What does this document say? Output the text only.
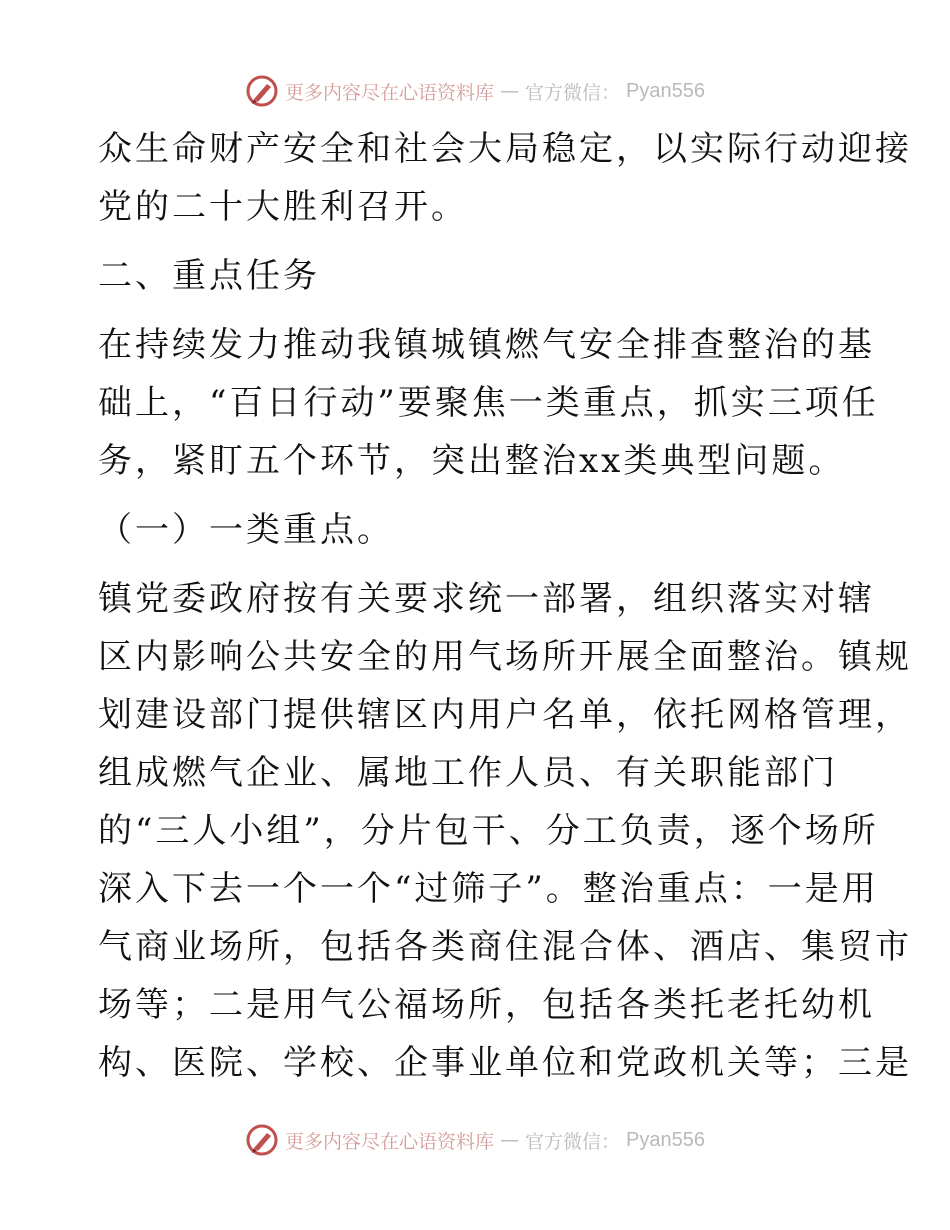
更多内容尽在心语资料库 — 官方微信： Pyan556
众生命财产安全和社会大局稳定，以实际行动迎接
党的二十大胜利召开。
二、重点任务
在持续发力推动我镇城镇燃气安全排查整治的基
础上，“百日行动”要聚焦一类重点，抓实三项任
务，紧盯五个环节，突出整治xx类典型问题。
（一）一类重点。
镇党委政府按有关要求统一部署，组织落实对辖
区内影响公共安全的用气场所开展全面整治。镇规
划建设部门提供辖区内用户名单，依托网格管理，
组成燃气企业、属地工作人员、有关职能部门
的“三人小组”，分片包干、分工负责，逐个场所
深入下去一个一个“过筛子”。整治重点：一是用
气商业场所，包括各类商住混合体、酒店、集贸市
场等；二是用气公福场所，包括各类托老托幼机
构、医院、学校、企事业单位和党政机关等；三是
更多内容尽在心语资料库 — 官方微信： Pyan556
